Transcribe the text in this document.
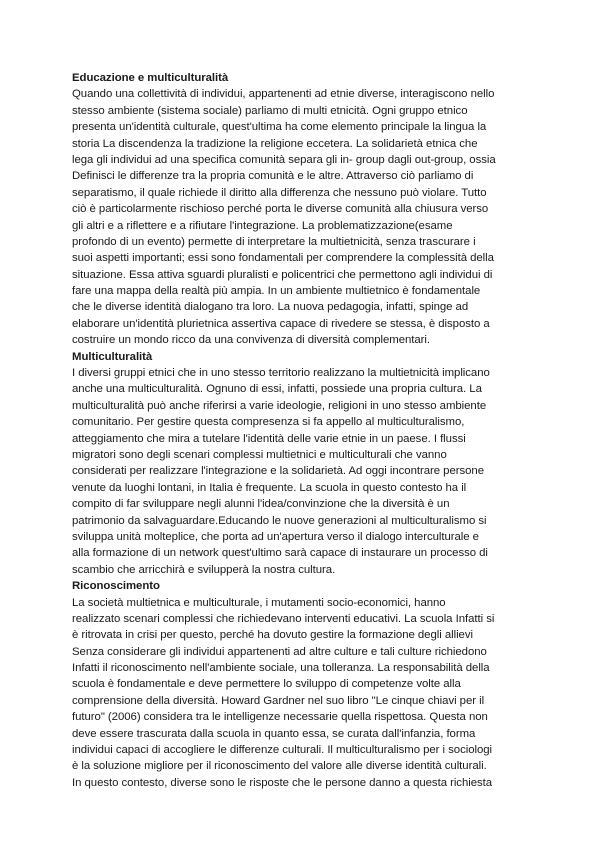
Educazione e multiculturalità
Quando una collettività di individui, appartenenti ad etnie diverse, interagiscono nello
stesso ambiente (sistema sociale) parliamo di multi etnicità. Ogni gruppo etnico
presenta un'identità culturale, quest'ultima ha come elemento principale la lingua la
storia La discendenza la tradizione la religione eccetera. La solidarietà etnica che
lega gli individui ad una specifica comunità separa gli in- group dagli out-group, ossia
Definisci le differenze tra la propria comunità e le altre. Attraverso ciò parliamo di
separatismo, il quale richiede il diritto alla differenza che nessuno può violare. Tutto
ciò è particolarmente rischioso perché porta le diverse comunità alla chiusura verso
gli altri e a riflettere e a rifiutare l'integrazione. La problematizzazione(esame
profondo di un evento) permette di interpretare la multietnicità, senza trascurare i
suoi aspetti importanti; essi sono fondamentali per comprendere la complessità della
situazione. Essa attiva sguardi pluralisti e policentrici che permettono agli individui di
fare una mappa della realtà più ampia. In un ambiente multietnico è fondamentale
che le diverse identità dialogano tra loro. La nuova pedagogia, infatti, spinge ad
elaborare un'identità plurietnica assertiva capace di rivedere se stessa, è disposto a
costruire un mondo ricco da una convivenza di diversità complementari.
Multiculturalità
I diversi gruppi etnici che in uno stesso territorio realizzano la multietnicità implicano
anche una multiculturalità. Ognuno di essi, infatti, possiede una propria cultura. La
multiculturalità può anche riferirsi a varie ideologie, religioni in uno stesso ambiente
comunitario. Per gestire questa compresenza si fa appello al multiculturalismo,
atteggiamento che mira a tutelare l'identità delle varie etnie in un paese. I flussi
migratori sono degli scenari complessi multietnici e multiculturali che vanno
considerati per realizzare l'integrazione e la solidarietà. Ad oggi incontrare persone
venute da luoghi lontani, in Italia è frequente. La scuola in questo contesto ha il
compito di far sviluppare negli alunni l'idea/convinzione che la diversità è un
patrimonio da salvaguardare.Educando le nuove generazioni al multiculturalismo si
sviluppa unità molteplice, che porta ad un'apertura verso il dialogo interculturale e
alla formazione di un network quest'ultimo sarà capace di instaurare un processo di
scambio che arricchirà e svilupperà la nostra cultura.
Riconoscimento
La società multietnica e multiculturale, i mutamenti socio-economici, hanno
realizzato scenari complessi che richiedevano interventi educativi. La scuola Infatti si
è ritrovata in crisi per questo, perché ha dovuto gestire la formazione degli allievi
Senza considerare gli individui appartenenti ad altre culture e tali culture richiedono
Infatti il riconoscimento nell'ambiente sociale, una tolleranza. La responsabilità della
scuola è fondamentale e deve permettere lo sviluppo di competenze volte alla
comprensione della diversità. Howard Gardner nel suo libro "Le cinque chiavi per il
futuro" (2006) considera tra le intelligenze necessarie quella rispettosa. Questa non
deve essere trascurata dalla scuola in quanto essa, se curata dall'infanzia, forma
individui capaci di accogliere le differenze culturali. Il multiculturalismo per i sociologi
è la soluzione migliore per il riconoscimento del valore alle diverse identità culturali.
In questo contesto, diverse sono le risposte che le persone danno a questa richiesta
